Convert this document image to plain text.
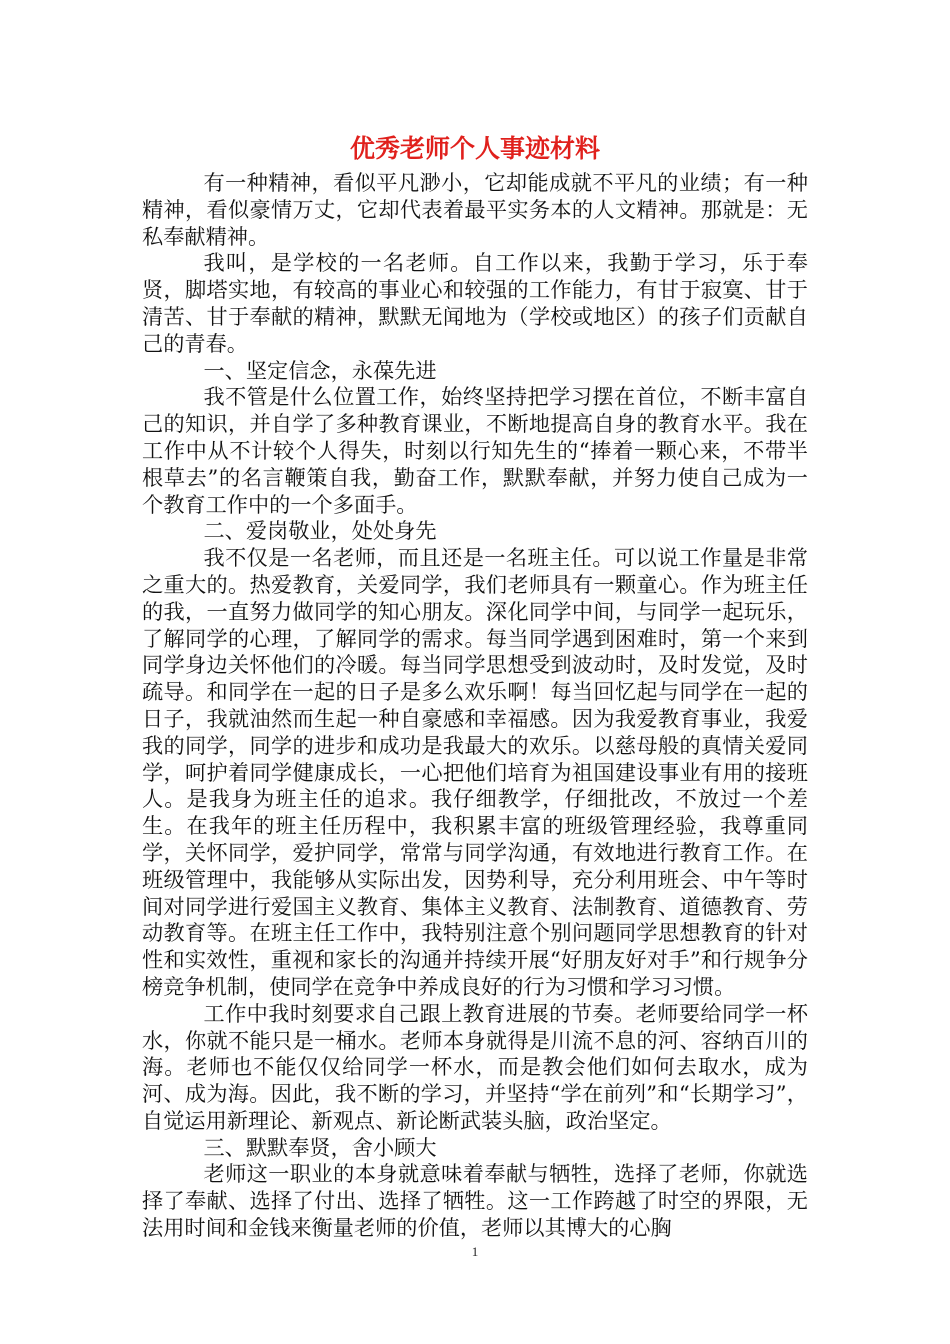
优秀老师个人事迹材料

有一种精神，看似平凡渺小，它却能成就不平凡的业绩；有一种精神，看似豪情万丈，它却代表着最平实务本的人文精神。那就是：无私奉献精神。

我叫，是学校的一名老师。自工作以来，我勤于学习，乐于奉贤，脚塔实地，有较高的事业心和较强的工作能力，有甘于寂寞、甘于清苦、甘于奉献的精神，默默无闻地为（学校或地区）的孩子们贡献自己的青春。

一、坚定信念，永葆先进

我不管是什么位置工作，始终坚持把学习摆在首位，不断丰富自己的知识，并自学了多种教育课业，不断地提高自身的教育水平。我在工作中从不计较个人得失，时刻以行知先生的“捧着一颗心来，不带半根草去”的名言鞭策自我，勤奋工作，默默奉献，并努力使自己成为一个教育工作中的一个多面手。

二、爱岗敬业，处处身先

我不仅是一名老师，而且还是一名班主任。可以说工作量是非常之重大的。热爱教育，关爱同学，我们老师具有一颗童心。作为班主任的我，一直努力做同学的知心朋友。深化同学中间，与同学一起玩乐，了解同学的心理，了解同学的需求。每当同学遇到困难时，第一个来到同学身边关怀他们的冷暖。每当同学思想受到波动时，及时发觉，及时疏导。和同学在一起的日子是多么欢乐啊！每当回忆起与同学在一起的日子，我就油然而生起一种自豪感和幸福感。因为我爱教育事业，我爱我的同学，同学的进步和成功是我最大的欢乐。以慈母般的真情关爱同学，呵护着同学健康成长，一心把他们培育为祖国建设事业有用的接班人。是我身为班主任的追求。我仔细教学，仔细批改，不放过一个差生。在我年的班主任历程中，我积累丰富的班级管理经验，我尊重同学，关怀同学，爱护同学，常常与同学沟通，有效地进行教育工作。在班级管理中，我能够从实际出发，因势利导，充分利用班会、中午等时间对同学进行爱国主义教育、集体主义教育、法制教育、道德教育、劳动教育等。在班主任工作中，我特别注意个别问题同学思想教育的针对性和实效性，重视和家长的沟通并持续开展“好朋友好对手”和行规争分榜竞争机制，使同学在竞争中养成良好的行为习惯和学习习惯。

工作中我时刻要求自己跟上教育进展的节奏。老师要给同学一杯水，你就不能只是一桶水。老师本身就得是川流不息的河、容纳百川的海。老师也不能仅仅给同学一杯水，而是教会他们如何去取水，成为河、成为海。因此，我不断的学习，并坚持“学在前列”和“长期学习”，自觉运用新理论、新观点、新论断武装头脑，政治坚定。

三、默默奉贤，舍小顾大

老师这一职业的本身就意味着奉献与牺牲，选择了老师，你就选择了奉献、选择了付出、选择了牺牲。这一工作跨越了时空的界限，无法用时间和金钱来衡量老师的价值，老师以其博大的心胸

1
